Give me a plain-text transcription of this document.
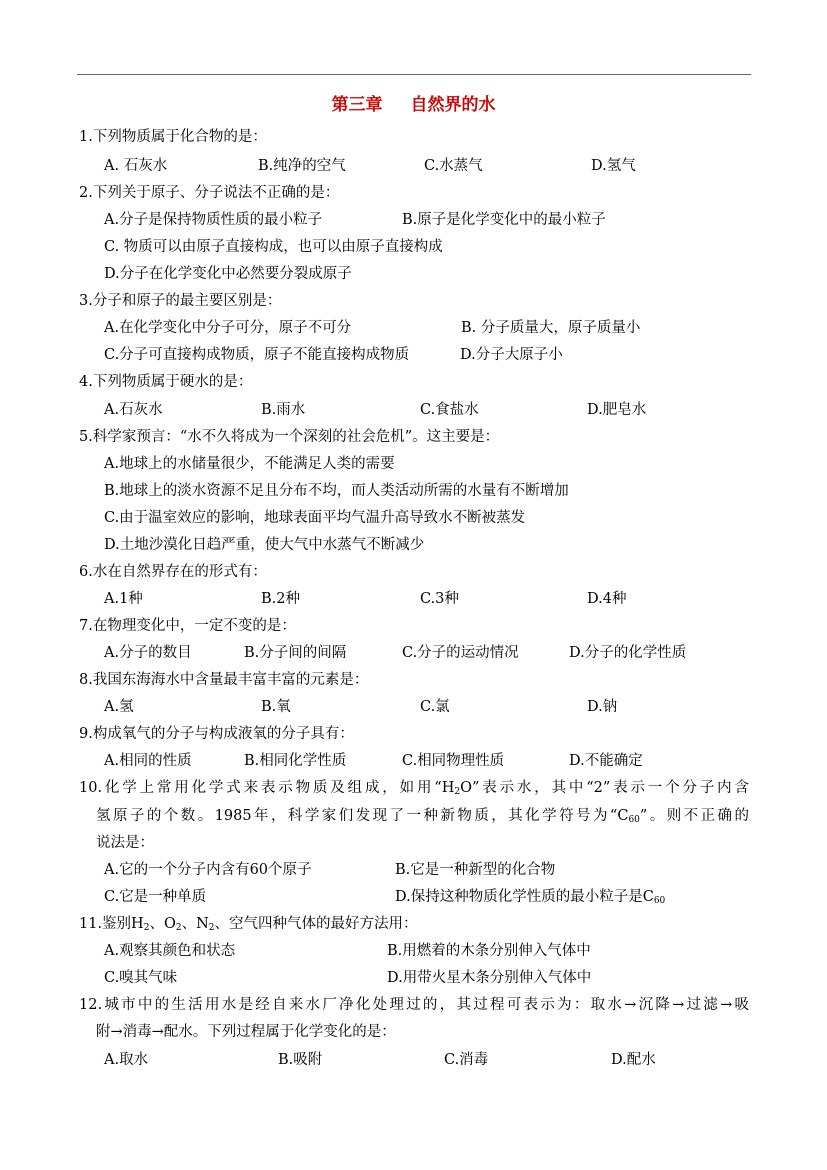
第三章 自然界的水
1.下列物质属于化合物的是：
A. 石灰水	B.纯净的空气	C.水蒸气	D.氢气
2.下列关于原子、分子说法不正确的是：
A.分子是保持物质性质的最小粒子	B.原子是化学变化中的最小粒子
C. 物质可以由原子直接构成，也可以由原子直接构成
D.分子在化学变化中必然要分裂成原子
3.分子和原子的最主要区别是：
A.在化学变化中分子可分，原子不可分	B. 分子质量大，原子质量小
C.分子可直接构成物质，原子不能直接构成物质	D.分子大原子小
4.下列物质属于硬水的是：
A.石灰水	B.雨水	C.食盐水	D.肥皂水
5.科学家预言：“水不久将成为一个深刻的社会危机”。这主要是：
A.地球上的水储量很少，不能满足人类的需要
B.地球上的淡水资源不足且分布不均，而人类活动所需的水量有不断增加
C.由于温室效应的影响，地球表面平均气温升高导致水不断被蒸发
D.土地沙漠化日趋严重，使大气中水蒸气不断减少
6.水在自然界存在的形式有：
A.1种	B.2种	C.3种	D.4种
7.在物理变化中，一定不变的是：
A.分子的数目	B.分子间的间隔	C.分子的运动情况	D.分子的化学性质
8.我国东海海水中含量最丰富丰富的元素是：
A.氢	B.氧	C.氯	D.钠
9.构成氧气的分子与构成液氧的分子具有：
A.相同的性质	B.相同化学性质	C.相同物理性质	D.不能确定
10.化学上常用化学式来表示物质及组成，如用“$H_2O$”表示水，其中“2”表示一个分子内含
氢原子的个数。1985年，科学家们发现了一种新物质，其化学符号为“$C_{60}$”。则不正确的
说法是：
A.它的一个分子内含有60个原子	B.它是一种新型的化合物
C.它是一种单质	D.保持这种物质化学性质的最小粒子是$C_{60}$
11.鉴别$H_2$、$O_2$、$N_2$、空气四种气体的最好方法用：
A.观察其颜色和状态	B.用燃着的木条分别伸入气体中
C.嗅其气味	D.用带火星木条分别伸入气体中
12.城市中的生活用水是经自来水厂净化处理过的，其过程可表示为：取水→沉降→过滤→吸
附→消毒→配水。下列过程属于化学变化的是：
A.取水	B.吸附	C.消毒	D.配水
